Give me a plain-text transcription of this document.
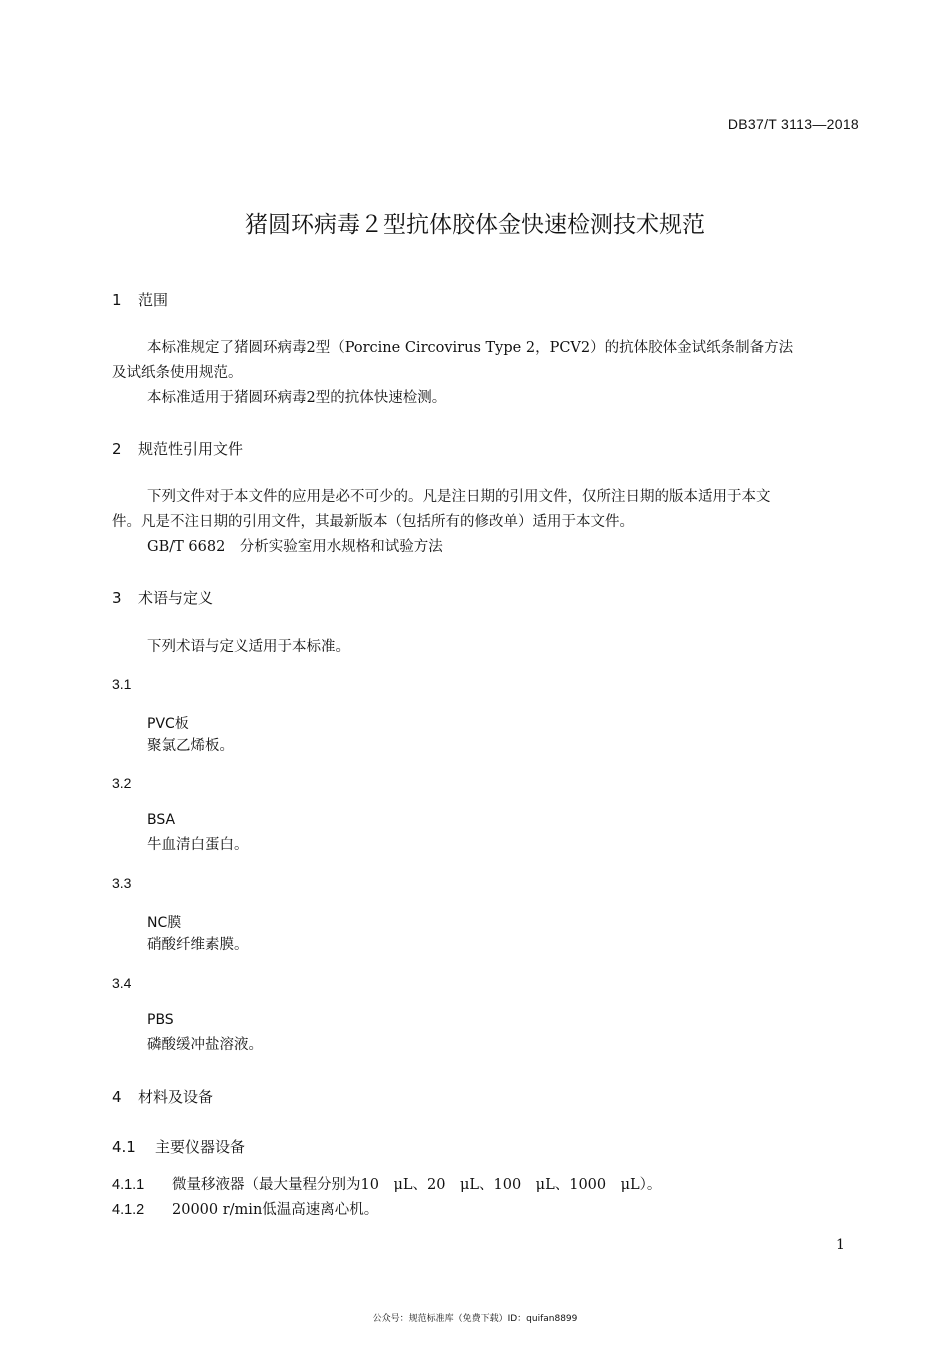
DB37/T 3113—2018
猪圆环病毒２型抗体胶体金快速检测技术规范
1 范围
本标准规定了猪圆环病毒2型（Porcine Circovirus Type 2，PCV2）的抗体胶体金试纸条制备方法
及试纸条使用规范。
本标准适用于猪圆环病毒2型的抗体快速检测。
2 规范性引用文件
下列文件对于本文件的应用是必不可少的。凡是注日期的引用文件，仅所注日期的版本适用于本文
件。凡是不注日期的引用文件，其最新版本（包括所有的修改单）适用于本文件。
GB/T 6682　分析实验室用水规格和试验方法
3 术语与定义
下列术语与定义适用于本标准。
3.1
PVC板
聚氯乙烯板。
3.2
BSA
牛血清白蛋白。
3.3
NC膜
硝酸纤维素膜。
3.4
PBS
磷酸缓冲盐溶液。
4 材料及设备
4.1 主要仪器设备
4.1.1 微量移液器（最大量程分别为10　μL、20　μL、100　μL、1000　μL）。
4.1.2 20000 r/min低温高速离心机。
1
公众号：规范标准库（免费下载）ID：quifan8899
